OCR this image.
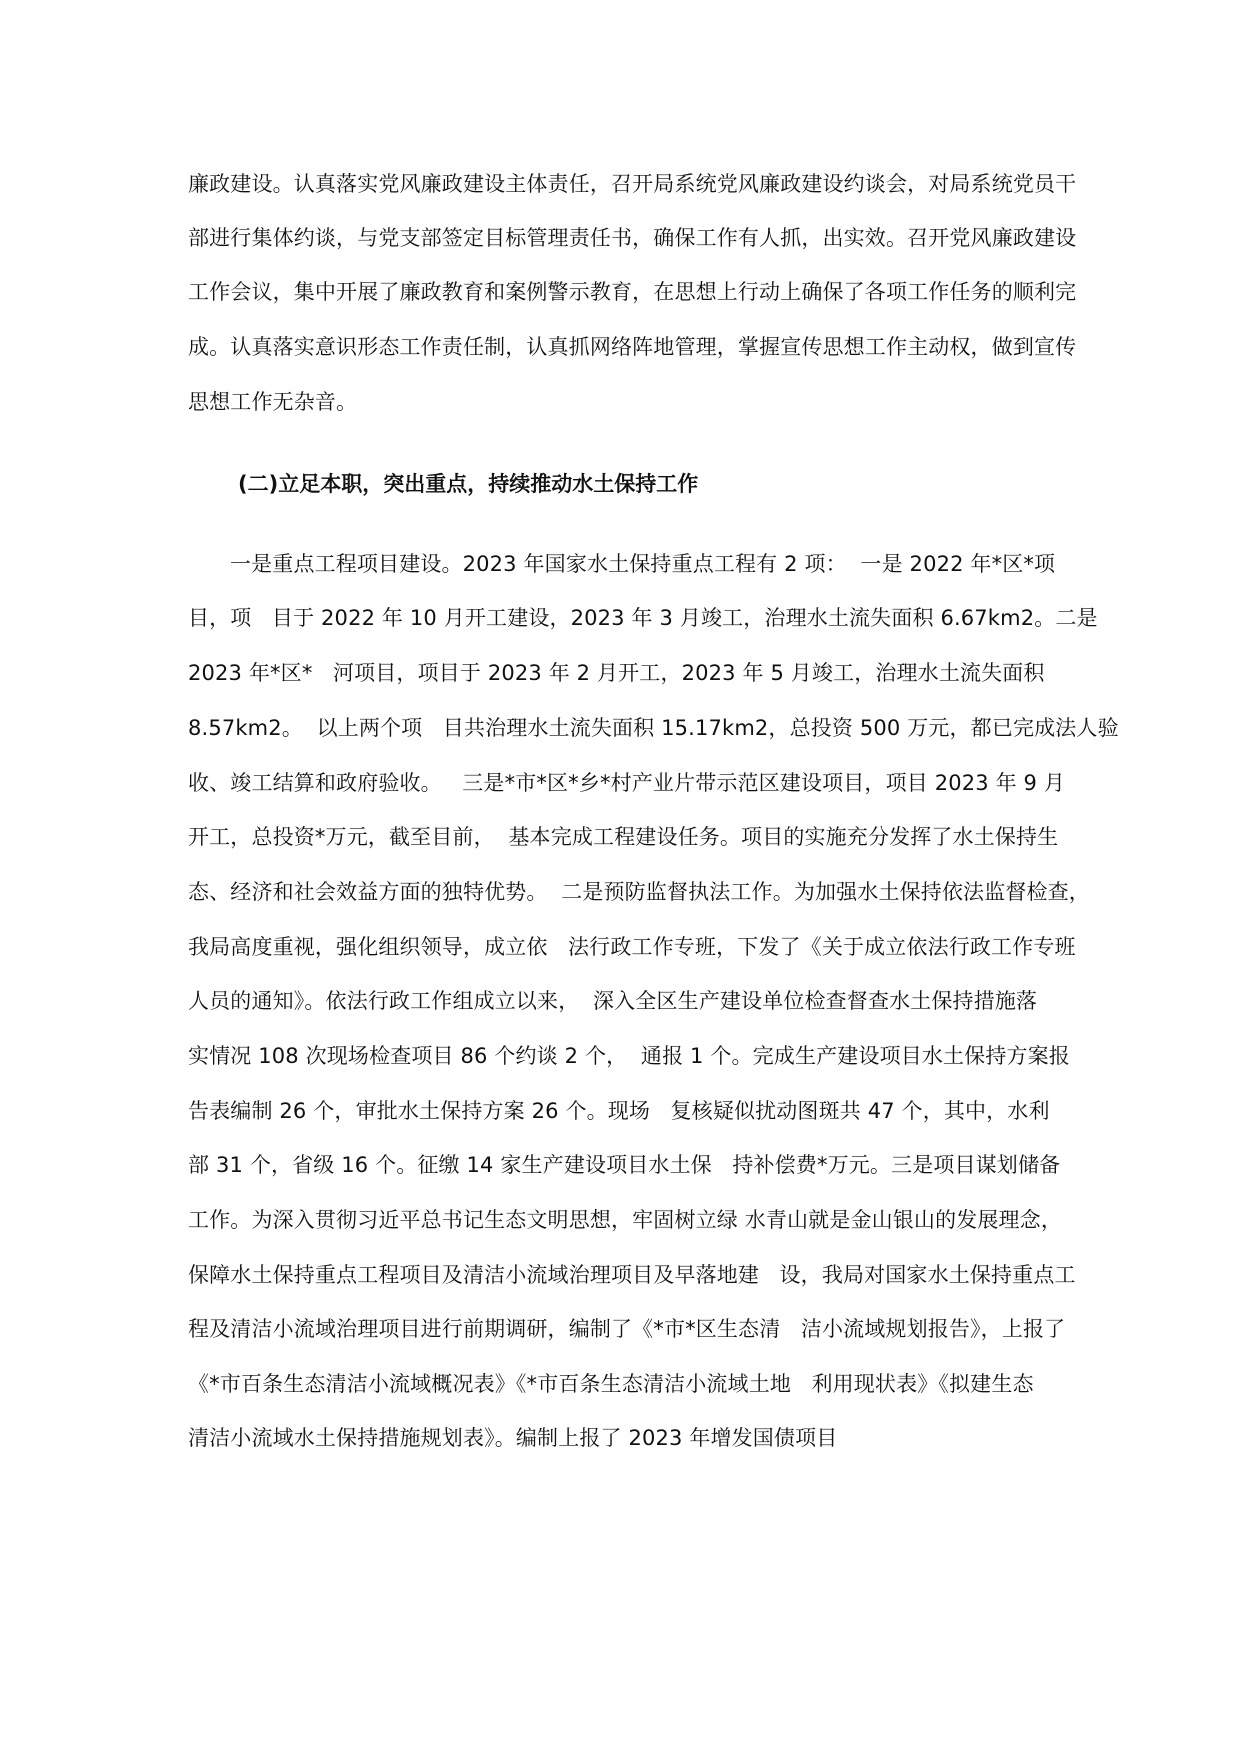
廉政建设。认真落实党风廉政建设主体责任，召开局系统党风廉政建设约谈会，对局系统党员干

部进行集体约谈，与党支部签定目标管理责任书，确保工作有人抓，出实效。召开党风廉政建设

工作会议，集中开展了廉政教育和案例警示教育，在思想上行动上确保了各项工作任务的顺利完

成。认真落实意识形态工作责任制，认真抓网络阵地管理，掌握宣传思想工作主动权，做到宣传

思想工作无杂音。

(二)立足本职，突出重点，持续推动水土保持工作

一是重点工程项目建设。2023 年国家水土保持重点工程有 2 项：  一是 2022 年*区*项

目，项   目于 2022 年 10 月开工建设，2023 年 3 月竣工，治理水土流失面积 6.67km2。二是

2023 年*区*   河项目，项目于 2023 年 2 月开工，2023 年 5 月竣工，治理水土流失面积

8.57km2。  以上两个项   目共治理水土流失面积 15.17km2，总投资 500 万元，都已完成法人验

收、竣工结算和政府验收。   三是*市*区*乡*村产业片带示范区建设项目，项目 2023 年 9 月

开工，总投资*万元，截至目前，  基本完成工程建设任务。项目的实施充分发挥了水土保持生

态、经济和社会效益方面的独特优势。  二是预防监督执法工作。为加强水土保持依法监督检查，

我局高度重视，强化组织领导，成立依   法行政工作专班，下发了《关于成立依法行政工作专班

人员的通知》。依法行政工作组成立以来，  深入全区生产建设单位检查督查水土保持措施落

实情况 108 次现场检查项目 86 个约谈 2 个，  通报 1 个。完成生产建设项目水土保持方案报

告表编制 26 个，审批水土保持方案 26 个。现场   复核疑似扰动图斑共 47 个，其中，水利

部 31 个，省级 16 个。征缴 14 家生产建设项目水土保   持补偿费*万元。三是项目谋划储备

工作。为深入贯彻习近平总书记生态文明思想，牢固树立绿 水青山就是金山银山的发展理念，

保障水土保持重点工程项目及清洁小流域治理项目及早落地建   设，我局对国家水土保持重点工

程及清洁小流域治理项目进行前期调研，编制了《*市*区生态清   洁小流域规划报告》，上报了

《*市百条生态清洁小流域概况表》《*市百条生态清洁小流域土地   利用现状表》《拟建生态

清洁小流域水土保持措施规划表》。编制上报了 2023 年增发国债项目
